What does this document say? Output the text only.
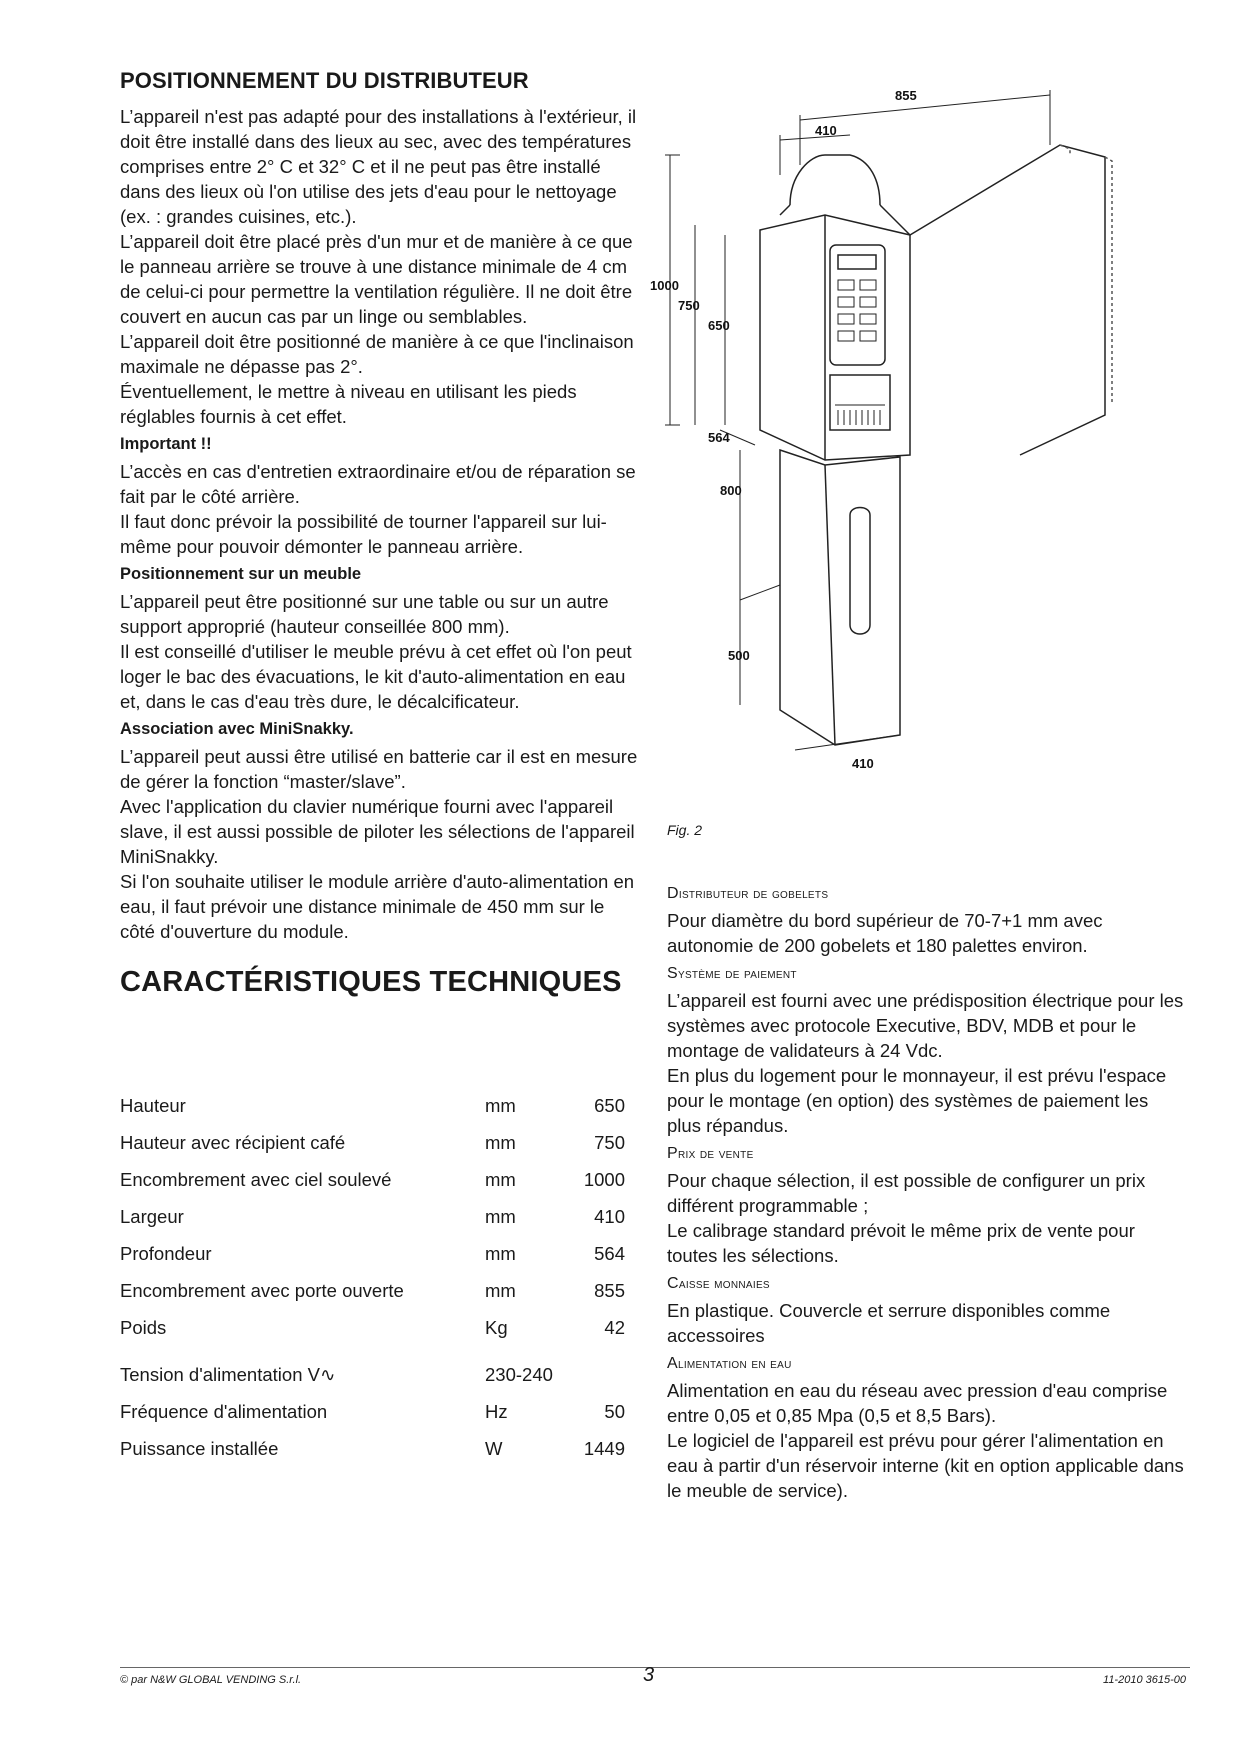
POSITIONNEMENT DU DISTRIBUTEUR

L’appareil n'est pas adapté pour des installations à l'extérieur, il doit être installé dans des lieux au sec, avec des températures comprises entre 2° C et 32° C et il ne peut pas être installé dans des lieux où l'on utilise des jets d'eau pour le nettoyage (ex. : grandes cuisines, etc.).

L’appareil doit être placé près d'un mur et de manière à ce que le panneau arrière se trouve à une distance minimale de 4 cm de celui-ci pour permettre la ventilation régulière. Il ne doit être couvert en aucun cas par un linge ou semblables.

L’appareil doit être positionné de manière à ce que l'inclinaison maximale ne dépasse pas 2°.

Éventuellement, le mettre à niveau en utilisant les pieds réglables fournis à cet effet.

Important !!

L’accès en cas d'entretien extraordinaire et/ou de réparation se fait par le côté arrière.

Il faut donc prévoir la possibilité de tourner l'appareil sur lui-même pour pouvoir démonter le panneau arrière.

Positionnement sur un meuble

L’appareil peut être positionné sur une table ou sur un autre support approprié (hauteur conseillée 800 mm).

Il est conseillé d'utiliser le meuble prévu à cet effet où l'on peut loger le bac des évacuations, le kit d'auto-alimentation en eau et, dans le cas d'eau très dure, le décalcificateur.

Association avec MiniSnakky.

L’appareil peut aussi être utilisé en batterie car il est en mesure de gérer la fonction “master/slave”.

Avec l'application du clavier numérique fourni avec l'appareil slave, il est aussi possible de piloter les sélections de l'appareil MiniSnakky.

Si l'on souhaite utiliser le module arrière d'auto-alimentation en eau, il faut prévoir une distance minimale de 450 mm sur le côté d'ouverture du module.

CARACTÉRISTIQUES TECHNIQUES
Hauteur	mm	650
Hauteur avec récipient café	mm	750
Encombrement avec ciel soulevé	mm	1000
Largeur	mm	410
Profondeur	mm	564
Encombrement avec porte ouverte	mm	855
Poids	Kg	42

Tension d'alimentation V∿	230-240	
Fréquence d'alimentation	Hz	50
Puissance installée	W	1449
855
410
1000
750
650
564
800
500
410
Fig. 2
Distributeur de gobelets

Pour diamètre du bord supérieur de 70-7+1 mm avec autonomie de 200 gobelets et 180 palettes environ.

Système de paiement

L’appareil est fourni avec une prédisposition électrique pour les systèmes avec protocole Executive, BDV, MDB et pour le montage de validateurs à 24 Vdc.

En plus du logement pour le monnayeur, il est prévu l'espace pour le montage (en option) des systèmes de paiement les plus répandus.

Prix de vente

Pour chaque sélection, il est possible de configurer un prix différent programmable ;

Le calibrage standard prévoit le même prix de vente pour toutes les sélections.

Caisse monnaies

En plastique. Couvercle et serrure disponibles comme accessoires

Alimentation en eau

Alimentation en eau du réseau avec pression d'eau comprise entre 0,05 et 0,85 Mpa (0,5 et 8,5 Bars).

Le logiciel de l'appareil est prévu pour gérer l'alimentation en eau à partir d'un réservoir interne (kit en option applicable dans le meuble de service).

© par N&W GLOBAL VENDING S.r.l.	3	11-2010 3615-00
